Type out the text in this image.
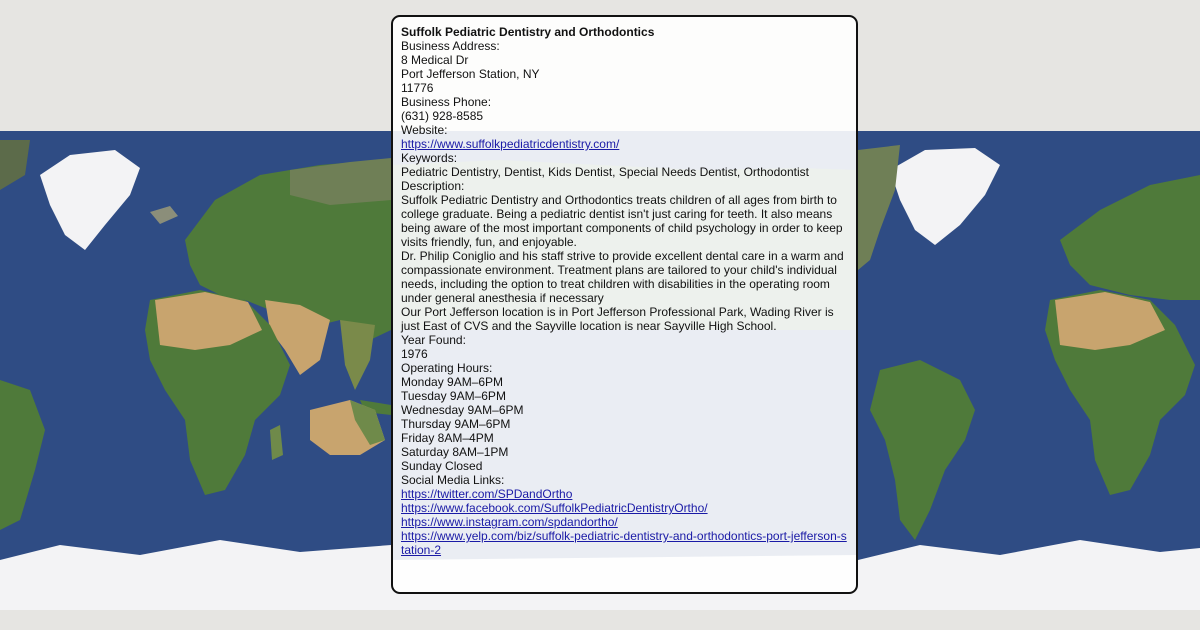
Suffolk Pediatric Dentistry and Orthodontics
Business Address:
8 Medical Dr
Port Jefferson Station, NY
11776
Business Phone:
(631) 928-8585
Website:
https://www.suffolkpediatricdentistry.com/
Keywords:
Pediatric Dentistry, Dentist, Kids Dentist, Special Needs Dentist, Orthodontist
Description:

Suffolk Pediatric Dentistry and Orthodontics treats children of all ages from birth to college graduate. Being a pediatric dentist isn't just caring for teeth. It also means being aware of the most important components of child psychology in order to keep visits friendly, fun, and enjoyable.

Dr. Philip Coniglio and his staff strive to provide excellent dental care in a warm and compassionate environment. Treatment plans are tailored to your child's individual needs, including the option to treat children with disabilities in the operating room under general anesthesia if necessary

Our Port Jefferson location is in Port Jefferson Professional Park, Wading River is just East of CVS and the Sayville location is near Sayville High School.

Year Found:
1976
Operating Hours:
Monday 9AM–6PM
Tuesday 9AM–6PM
Wednesday 9AM–6PM
Thursday 9AM–6PM
Friday 8AM–4PM
Saturday 8AM–1PM
Sunday Closed
Social Media Links:
https://twitter.com/SPDandOrtho
https://www.facebook.com/SuffolkPediatricDentistryOrtho/
https://www.instagram.com/spdandortho/
https://www.yelp.com/biz/suffolk-pediatric-dentistry-and-orthodontics-port-jefferson-station-2
